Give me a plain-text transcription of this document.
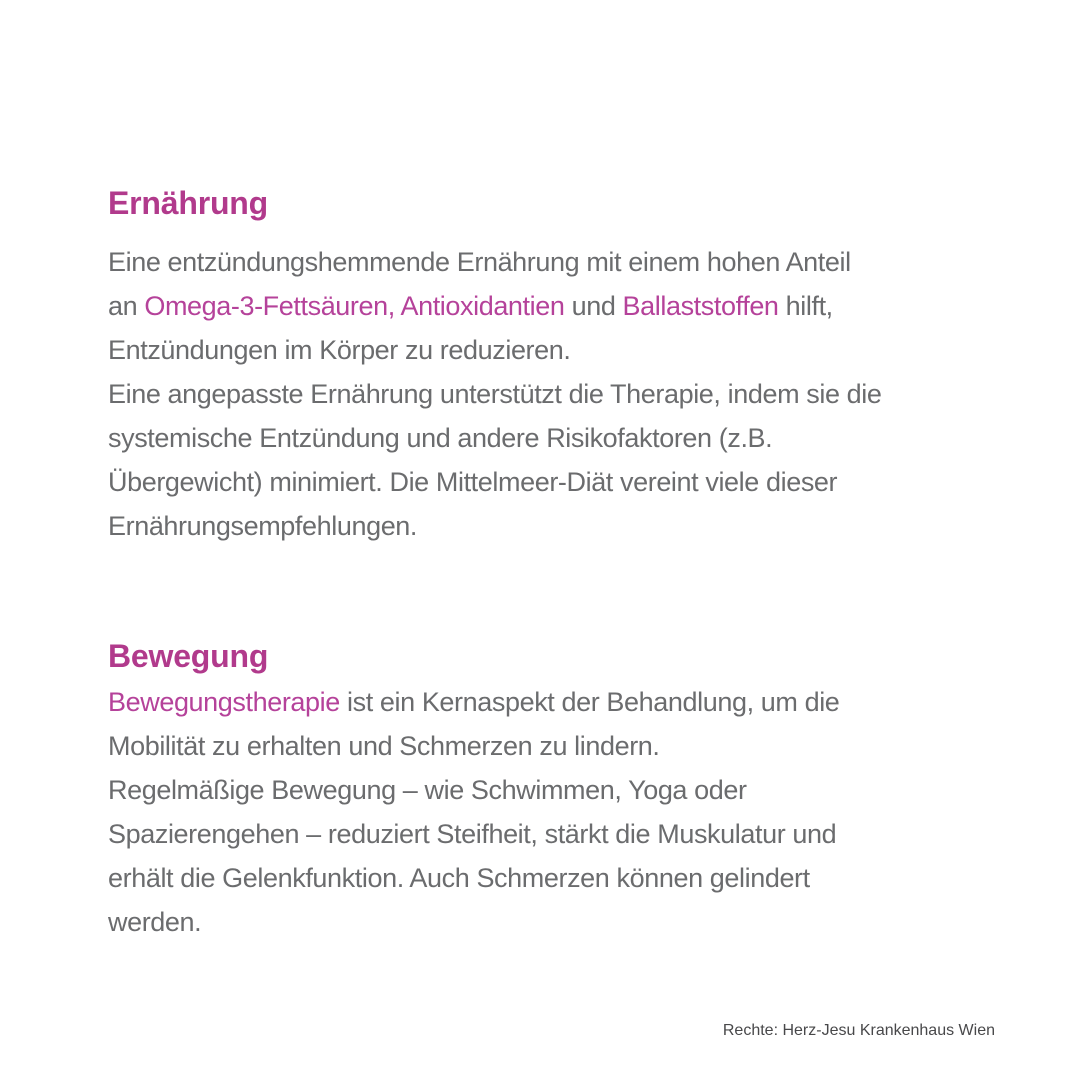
Ernährung
Eine entzündungshemmende Ernährung mit einem hohen Anteil
an Omega-3-Fettsäuren, Antioxidantien und Ballaststoffen hilft,
Entzündungen im Körper zu reduzieren.
Eine angepasste Ernährung unterstützt die Therapie, indem sie die
systemische Entzündung und andere Risikofaktoren (z.B.
Übergewicht) minimiert. Die Mittelmeer-Diät vereint viele dieser
Ernährungsempfehlungen.
Bewegung
Bewegungstherapie ist ein Kernaspekt der Behandlung, um die
Mobilität zu erhalten und Schmerzen zu lindern.
Regelmäßige Bewegung – wie Schwimmen, Yoga oder
Spazierengehen – reduziert Steifheit, stärkt die Muskulatur und
erhält die Gelenkfunktion. Auch Schmerzen können gelindert
werden.

Rechte: Herz-Jesu Krankenhaus Wien
